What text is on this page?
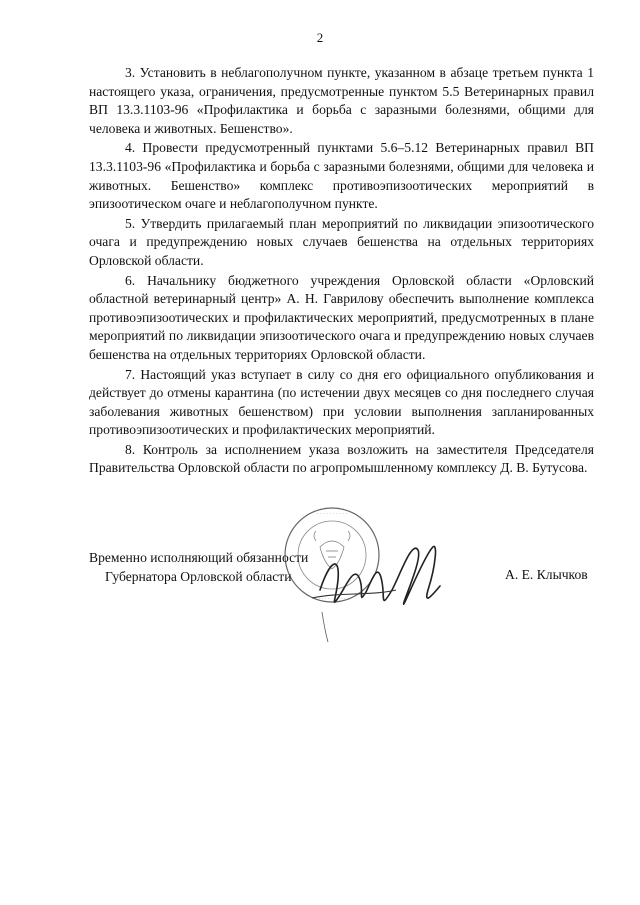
2

3. Установить в неблагополучном пункте, указанном в абзаце третьем пункта 1 настоящего указа, ограничения, предусмотренные пунктом 5.5 Ветеринарных правил ВП 13.3.1103-96 «Профилактика и борьба с заразными болезнями, общими для человека и животных. Бешенство».

4. Провести предусмотренный пунктами 5.6–5.12 Ветеринарных правил ВП 13.3.1103-96 «Профилактика и борьба с заразными болезнями, общими для человека и животных. Бешенство» комплекс противоэпизоотических мероприятий в эпизоотическом очаге и неблагополучном пункте.

5. Утвердить прилагаемый план мероприятий по ликвидации эпизоотического очага и предупреждению новых случаев бешенства на отдельных территориях Орловской области.

6. Начальнику бюджетного учреждения Орловской области «Орловский областной ветеринарный центр» А. Н. Гаврилову обеспечить выполнение комплекса противоэпизоотических и профилактических мероприятий, предусмотренных в плане мероприятий по ликвидации эпизоотического очага и предупреждению новых случаев бешенства на отдельных территориях Орловской области.

7. Настоящий указ вступает в силу со дня его официального опубликования и действует до отмены карантина (по истечении двух месяцев со дня последнего случая заболевания животных бешенством) при условии выполнения запланированных противоэпизоотических и профилактических мероприятий.

8. Контроль за исполнением указа возложить на заместителя Председателя Правительства Орловской области по агропромышленному комплексу Д. В. Бутусова.

· · · · · · · · · ·
· · · · · · · · ·
Временно исполняющий обязанности
Губернатора Орловской области	А. Е. Клычков
